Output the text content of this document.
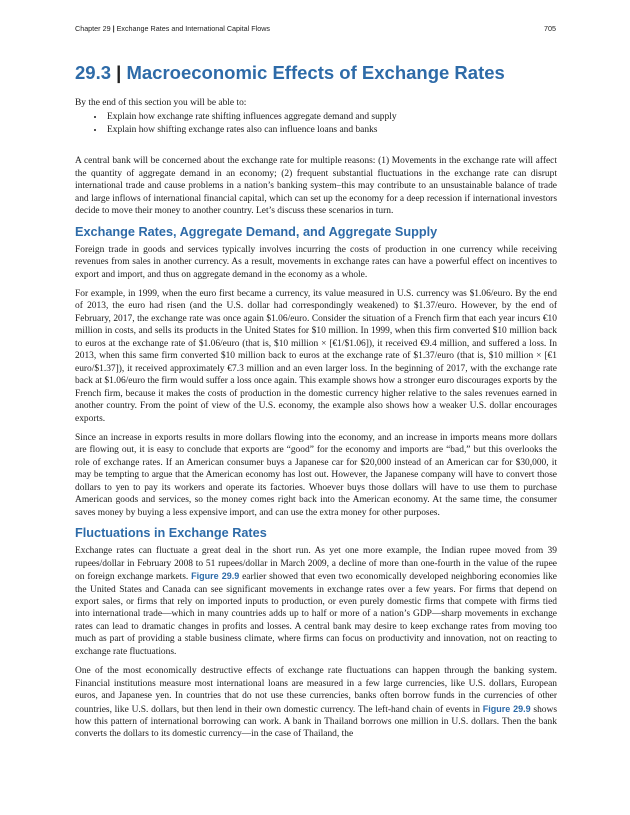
Chapter 29 | Exchange Rates and International Capital Flows	705
29.3 | Macroeconomic Effects of Exchange Rates

By the end of this section you will be able to:

• Explain how exchange rate shifting influences aggregate demand and supply
• Explain how shifting exchange rates also can influence loans and banks

A central bank will be concerned about the exchange rate for multiple reasons: (1) Movements in the exchange rate will affect the quantity of aggregate demand in an economy; (2) frequent substantial fluctuations in the exchange rate can disrupt international trade and cause problems in a nation’s banking system–this may contribute to an unsustainable balance of trade and large inflows of international financial capital, which can set up the economy for a deep recession if international investors decide to move their money to another country. Let’s discuss these scenarios in turn.

Exchange Rates, Aggregate Demand, and Aggregate Supply

Foreign trade in goods and services typically involves incurring the costs of production in one currency while receiving revenues from sales in another currency. As a result, movements in exchange rates can have a powerful effect on incentives to export and import, and thus on aggregate demand in the economy as a whole.

For example, in 1999, when the euro first became a currency, its value measured in U.S. currency was $1.06/euro. By the end of 2013, the euro had risen (and the U.S. dollar had correspondingly weakened) to $1.37/euro. However, by the end of February, 2017, the exchange rate was once again $1.06/euro. Consider the situation of a French firm that each year incurs €10 million in costs, and sells its products in the United States for $10 million. In 1999, when this firm converted $10 million back to euros at the exchange rate of $1.06/euro (that is, $10 million × [€1/$1.06]), it received €9.4 million, and suffered a loss. In 2013, when this same firm converted $10 million back to euros at the exchange rate of $1.37/euro (that is, $10 million × [€1 euro/$1.37]), it received approximately €7.3 million and an even larger loss. In the beginning of 2017, with the exchange rate back at $1.06/euro the firm would suffer a loss once again. This example shows how a stronger euro discourages exports by the French firm, because it makes the costs of production in the domestic currency higher relative to the sales revenues earned in another country. From the point of view of the U.S. economy, the example also shows how a weaker U.S. dollar encourages exports.

Since an increase in exports results in more dollars flowing into the economy, and an increase in imports means more dollars are flowing out, it is easy to conclude that exports are “good” for the economy and imports are “bad,” but this overlooks the role of exchange rates. If an American consumer buys a Japanese car for $20,000 instead of an American car for $30,000, it may be tempting to argue that the American economy has lost out. However, the Japanese company will have to convert those dollars to yen to pay its workers and operate its factories. Whoever buys those dollars will have to use them to purchase American goods and services, so the money comes right back into the American economy. At the same time, the consumer saves money by buying a less expensive import, and can use the extra money for other purposes.

Fluctuations in Exchange Rates

Exchange rates can fluctuate a great deal in the short run. As yet one more example, the Indian rupee moved from 39 rupees/dollar in February 2008 to 51 rupees/dollar in March 2009, a decline of more than one-fourth in the value of the rupee on foreign exchange markets. Figure 29.9 earlier showed that even two economically developed neighboring economies like the United States and Canada can see significant movements in exchange rates over a few years. For firms that depend on export sales, or firms that rely on imported inputs to production, or even purely domestic firms that compete with firms tied into international trade—which in many countries adds up to half or more of a nation’s GDP—sharp movements in exchange rates can lead to dramatic changes in profits and losses. A central bank may desire to keep exchange rates from moving too much as part of providing a stable business climate, where firms can focus on productivity and innovation, not on reacting to exchange rate fluctuations.

One of the most economically destructive effects of exchange rate fluctuations can happen through the banking system. Financial institutions measure most international loans are measured in a few large currencies, like U.S. dollars, European euros, and Japanese yen. In countries that do not use these currencies, banks often borrow funds in the currencies of other countries, like U.S. dollars, but then lend in their own domestic currency. The left-hand chain of events in Figure 29.9 shows how this pattern of international borrowing can work. A bank in Thailand borrows one million in U.S. dollars. Then the bank converts the dollars to its domestic currency—in the case of Thailand, the
